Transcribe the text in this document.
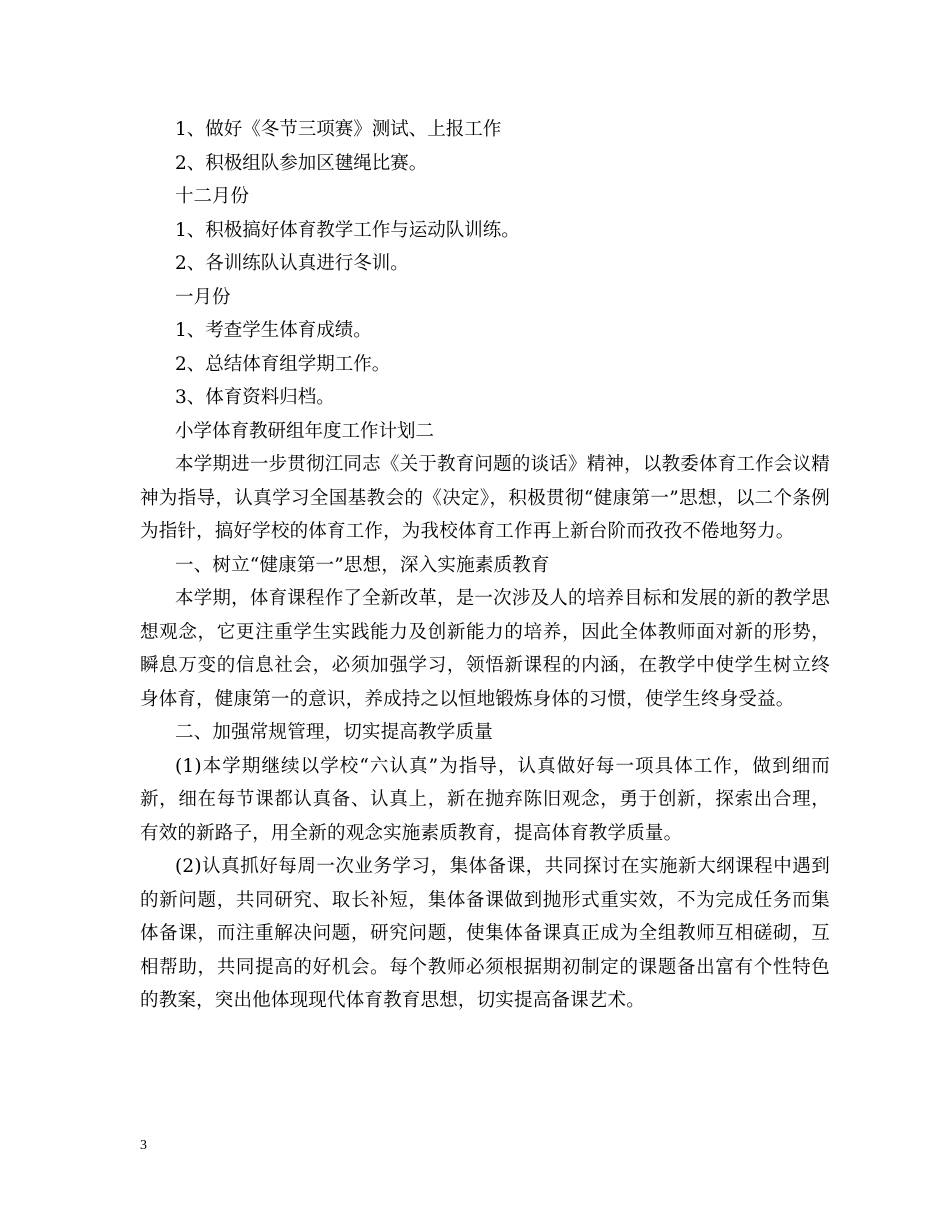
1、做好《冬节三项赛》测试、上报工作
2、积极组队参加区毽绳比赛。
十二月份
1、积极搞好体育教学工作与运动队训练。
2、各训练队认真进行冬训。
一月份
1、考查学生体育成绩。
2、总结体育组学期工作。
3、体育资料归档。
小学体育教研组年度工作计划二
本学期进一步贯彻江同志《关于教育问题的谈话》精神，以教委体育工作会议精神为指导，认真学习全国基教会的《决定》，积极贯彻“健康第一”思想，以二个条例为指针，搞好学校的体育工作，为我校体育工作再上新台阶而孜孜不倦地努力。
一、树立“健康第一”思想，深入实施素质教育
本学期，体育课程作了全新改革，是一次涉及人的培养目标和发展的新的教学思想观念，它更注重学生实践能力及创新能力的培养，因此全体教师面对新的形势，瞬息万变的信息社会，必须加强学习，领悟新课程的内涵，在教学中使学生树立终身体育，健康第一的意识，养成持之以恒地锻炼身体的习惯，使学生终身受益。
二、加强常规管理，切实提高教学质量
(1)本学期继续以学校“六认真”为指导，认真做好每一项具体工作，做到细而新，细在每节课都认真备、认真上，新在抛弃陈旧观念，勇于创新，探索出合理，有效的新路子，用全新的观念实施素质教育，提高体育教学质量。
(2)认真抓好每周一次业务学习，集体备课，共同探讨在实施新大纲课程中遇到的新问题，共同研究、取长补短，集体备课做到抛形式重实效，不为完成任务而集体备课，而注重解决问题，研究问题，使集体备课真正成为全组教师互相磋砌，互相帮助，共同提高的好机会。每个教师必须根据期初制定的课题备出富有个性特色的教案，突出他体现现代体育教育思想，切实提高备课艺术。
3
